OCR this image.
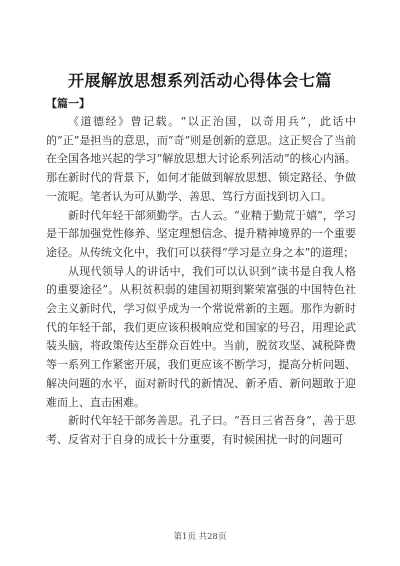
开展解放思想系列活动心得体会七篇
【篇一】

《道德经》曾记载。“以正治国，以奇用兵”，此话中的“正”是担当的意思，而“奇”则是创新的意思。这正契合了当前在全国各地兴起的学习“解放思想大讨论系列活动”的核心内涵。那在新时代的背景下，如何才能做到解放思想、锁定路径、争做一流呢。笔者认为可从勤学、善思、笃行方面找到切入口。

新时代年轻干部须勤学。古人云。“业精于勤荒于嬉”，学习是干部加强党性修养、坚定理想信念、提升精神境界的一个重要途径。从传统文化中，我们可以获得“学习是立身之本”的道理；

从现代领导人的讲话中，我们可以认识到“读书是自我人格的重要途径”。从积贫积弱的建国初期到繁荣富强的中国特色社会主义新时代，学习似乎成为一个常说常新的主题。那作为新时代的年轻干部，我们更应该积极响应党和国家的号召，用理论武装头脑，将政策传达至群众百姓中。当前，脱贫攻坚、减税降费等一系列工作紧密开展，我们更应该不断学习，提高分析问题、解决问题的水平，面对新时代的新情况、新矛盾、新问题敢于迎难而上、直击困难。

新时代年轻干部务善思。孔子曰。“吾日三省吾身”，善于思考、反省对于自身的成长十分重要，有时候困扰一时的问题可

第1页 共28页
